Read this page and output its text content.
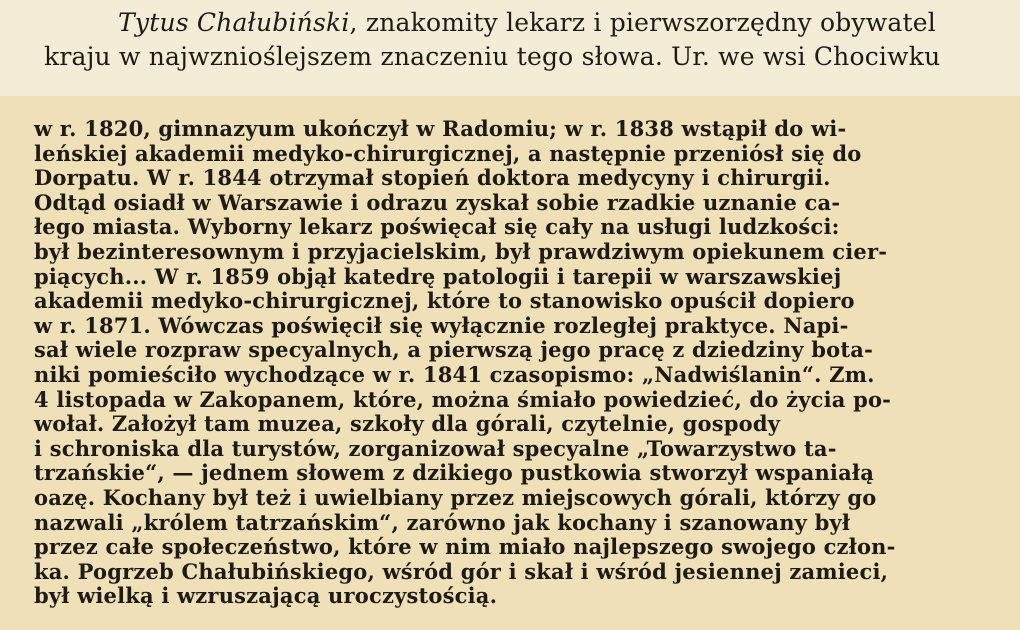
Tytus Chałubiński, znakomity lekarz i pierwszorzędny obywatel
kraju w najwznioślejszem znaczeniu tego słowa. Ur. we wsi Chociwku
w r. 1820, gimnazyum ukończył w Radomiu; w r. 1838 wstąpił do wi-
leńskiej akademii medyko-chirurgicznej, a następnie przeniósł się do
Dorpatu. W r. 1844 otrzymał stopień doktora medycyny i chirurgii.
Odtąd osiadł w Warszawie i odrazu zyskał sobie rzadkie uznanie ca-
łego miasta. Wyborny lekarz poświęcał się cały na usługi ludzkości:
był bezinteresownym i przyjacielskim, był prawdziwym opiekunem cier-
piących... W r. 1859 objął katedrę patologii i tarepii w warszawskiej
akademii medyko-chirurgicznej, które to stanowisko opuścił dopiero
w r. 1871. Wówczas poświęcił się wyłącznie rozległej praktyce. Napi-
sał wiele rozpraw specyalnych, a pierwszą jego pracę z dziedziny bota-
niki pomieściło wychodzące w r. 1841 czasopismo: „Nadwiślanin“. Zm.
4 listopada w Zakopanem, które, można śmiało powiedzieć, do życia po-
wołał. Założył tam muzea, szkoły dla górali, czytelnie, gospody
i schroniska dla turystów, zorganizował specyalne „Towarzystwo ta-
trzańskie“, — jednem słowem z dzikiego pustkowia stworzył wspaniałą
oazę. Kochany był też i uwielbiany przez miejscowych górali, którzy go
nazwali „królem tatrzańskim“, zarówno jak kochany i szanowany był
przez całe społeczeństwo, które w nim miało najlepszego swojego człon-
ka. Pogrzeb Chałubińskiego, wśród gór i skał i wśród jesiennej zamieci,
był wielką i wzruszającą uroczystością.
